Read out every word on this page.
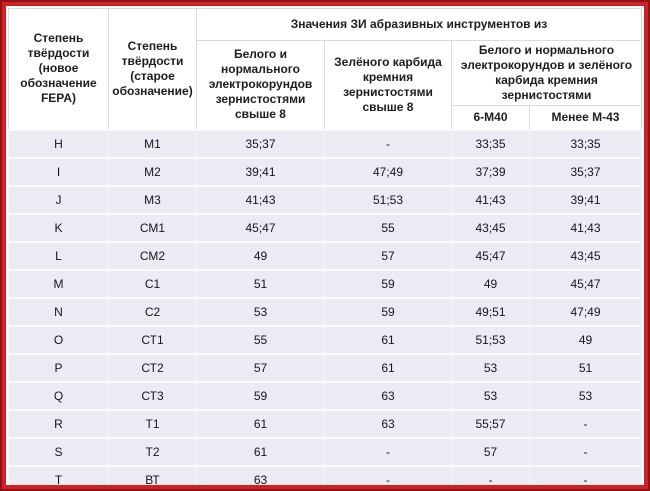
Степень твёрдости (новое обозначение FEPA)	Степень твёрдости (старое обозначение)	Значения ЗИ абразивных инструментов из			
		Белого и нормального электрокорундов зернистостями свыше 8	Зелёного карбида кремния зернистостями свыше 8	Белого и нормального электрокорундов и зелёного карбида кремния зернистостями	
				6-М40	Менее М-43
H	М1	35;37	-	33;35	33;35
I	М2	39;41	47;49	37;39	35;37
J	М3	41;43	51;53	41;43	39;41
K	СМ1	45;47	55	43;45	41;43
L	СМ2	49	57	45;47	43;45
M	С1	51	59	49	45;47
N	С2	53	59	49;51	47;49
O	СТ1	55	61	51;53	49
P	СТ2	57	61	53	51
Q	СТ3	59	63	53	53
R	Т1	61	63	55;57	-
S	Т2	61	-	57	-
T	ВТ	63	-	-	-
